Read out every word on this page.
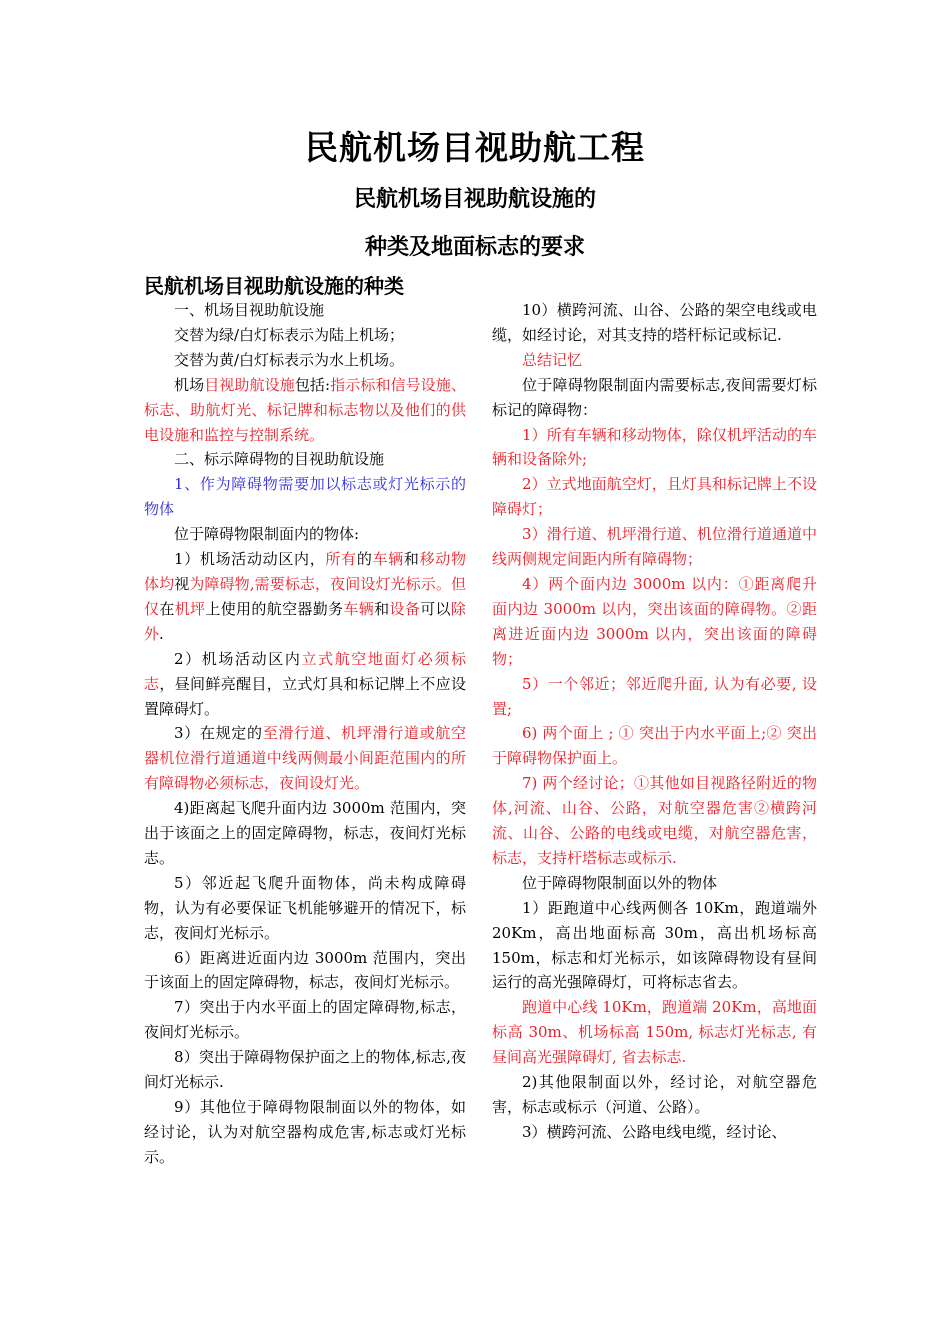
民航机场目视助航工程
民航机场目视助航设施的
种类及地面标志的要求
民航机场目视助航设施的种类

一、机场目视助航设施

交替为绿/白灯标表示为陆上机场；

交替为黄/白灯标表示为水上机场。

机场目视助航设施包括:指示标和信号设施、标志、助航灯光、标记牌和标志物以及他们的供电设施和监控与控制系统。

二、标示障碍物的目视助航设施

1、作为障碍物需要加以标志或灯光标示的物体

位于障碍物限制面内的物体:

1）机场活动动区内，所有的车辆和移动物体均视为障碍物,需要标志，夜间设灯光标示。但仅在机坪上使用的航空器勤务车辆和设备可以除外.

2）机场活动区内立式航空地面灯必须标志，昼间鲜亮醒目，立式灯具和标记牌上不应设置障碍灯。

3）在规定的至滑行道、机坪滑行道或航空器机位滑行道通道中线两侧最小间距范围内的所有障碍物必须标志，夜间设灯光。

4)距离起飞爬升面内边 3000m 范围内，突出于该面之上的固定障碍物，标志，夜间灯光标志。

5）邻近起飞爬升面物体，尚未构成障碍物，认为有必要保证飞机能够避开的情况下，标志，夜间灯光标示。

6）距离进近面内边 3000m 范围内，突出于该面上的固定障碍物，标志，夜间灯光标示。

7）突出于内水平面上的固定障碍物,标志，夜间灯光标示。

8）突出于障碍物保护面之上的物体,标志,夜间灯光标示.

9）其他位于障碍物限制面以外的物体，如经讨论，认为对航空器构成危害,标志或灯光标示。

10）横跨河流、山谷、公路的架空电线或电缆，如经讨论，对其支持的塔杆标记或标记.

总结记忆

位于障碍物限制面内需要标志,夜间需要灯标标记的障碍物：

1）所有车辆和移动物体，除仅机坪活动的车辆和设备除外;

2）立式地面航空灯，且灯具和标记牌上不设障碍灯；

3）滑行道、机坪滑行道、机位滑行道通道中线两侧规定间距内所有障碍物；

4）两个面内边 3000m 以内：①距离爬升面内边 3000m 以内，突出该面的障碍物。②距离进近面内边 3000m 以内，突出该面的障碍物；

5）一个邻近；邻近爬升面, 认为有必要, 设置;

6) 两个面上 ; ① 突出于内水平面上;② 突出于障碍物保护面上。

7) 两个经讨论；①其他如目视路径附近的物体,河流、山谷、公路，对航空器危害②横跨河流、山谷、公路的电线或电缆，对航空器危害，标志，支持杆塔标志或标示.

位于障碍物限制面以外的物体

1）距跑道中心线两侧各 10Km，跑道端外 20Km，高出地面标高 30m，高出机场标高 150m，标志和灯光标示，如该障碍物设有昼间运行的高光强障碍灯，可将标志省去。

跑道中心线 10Km，跑道端 20Km，高地面标高 30m、机场标高 150m, 标志灯光标志, 有昼间高光强障碍灯, 省去标志.

2)其他限制面以外，经讨论，对航空器危害，标志或标示（河道、公路）。

3）横跨河流、公路电线电缆，经讨论、
